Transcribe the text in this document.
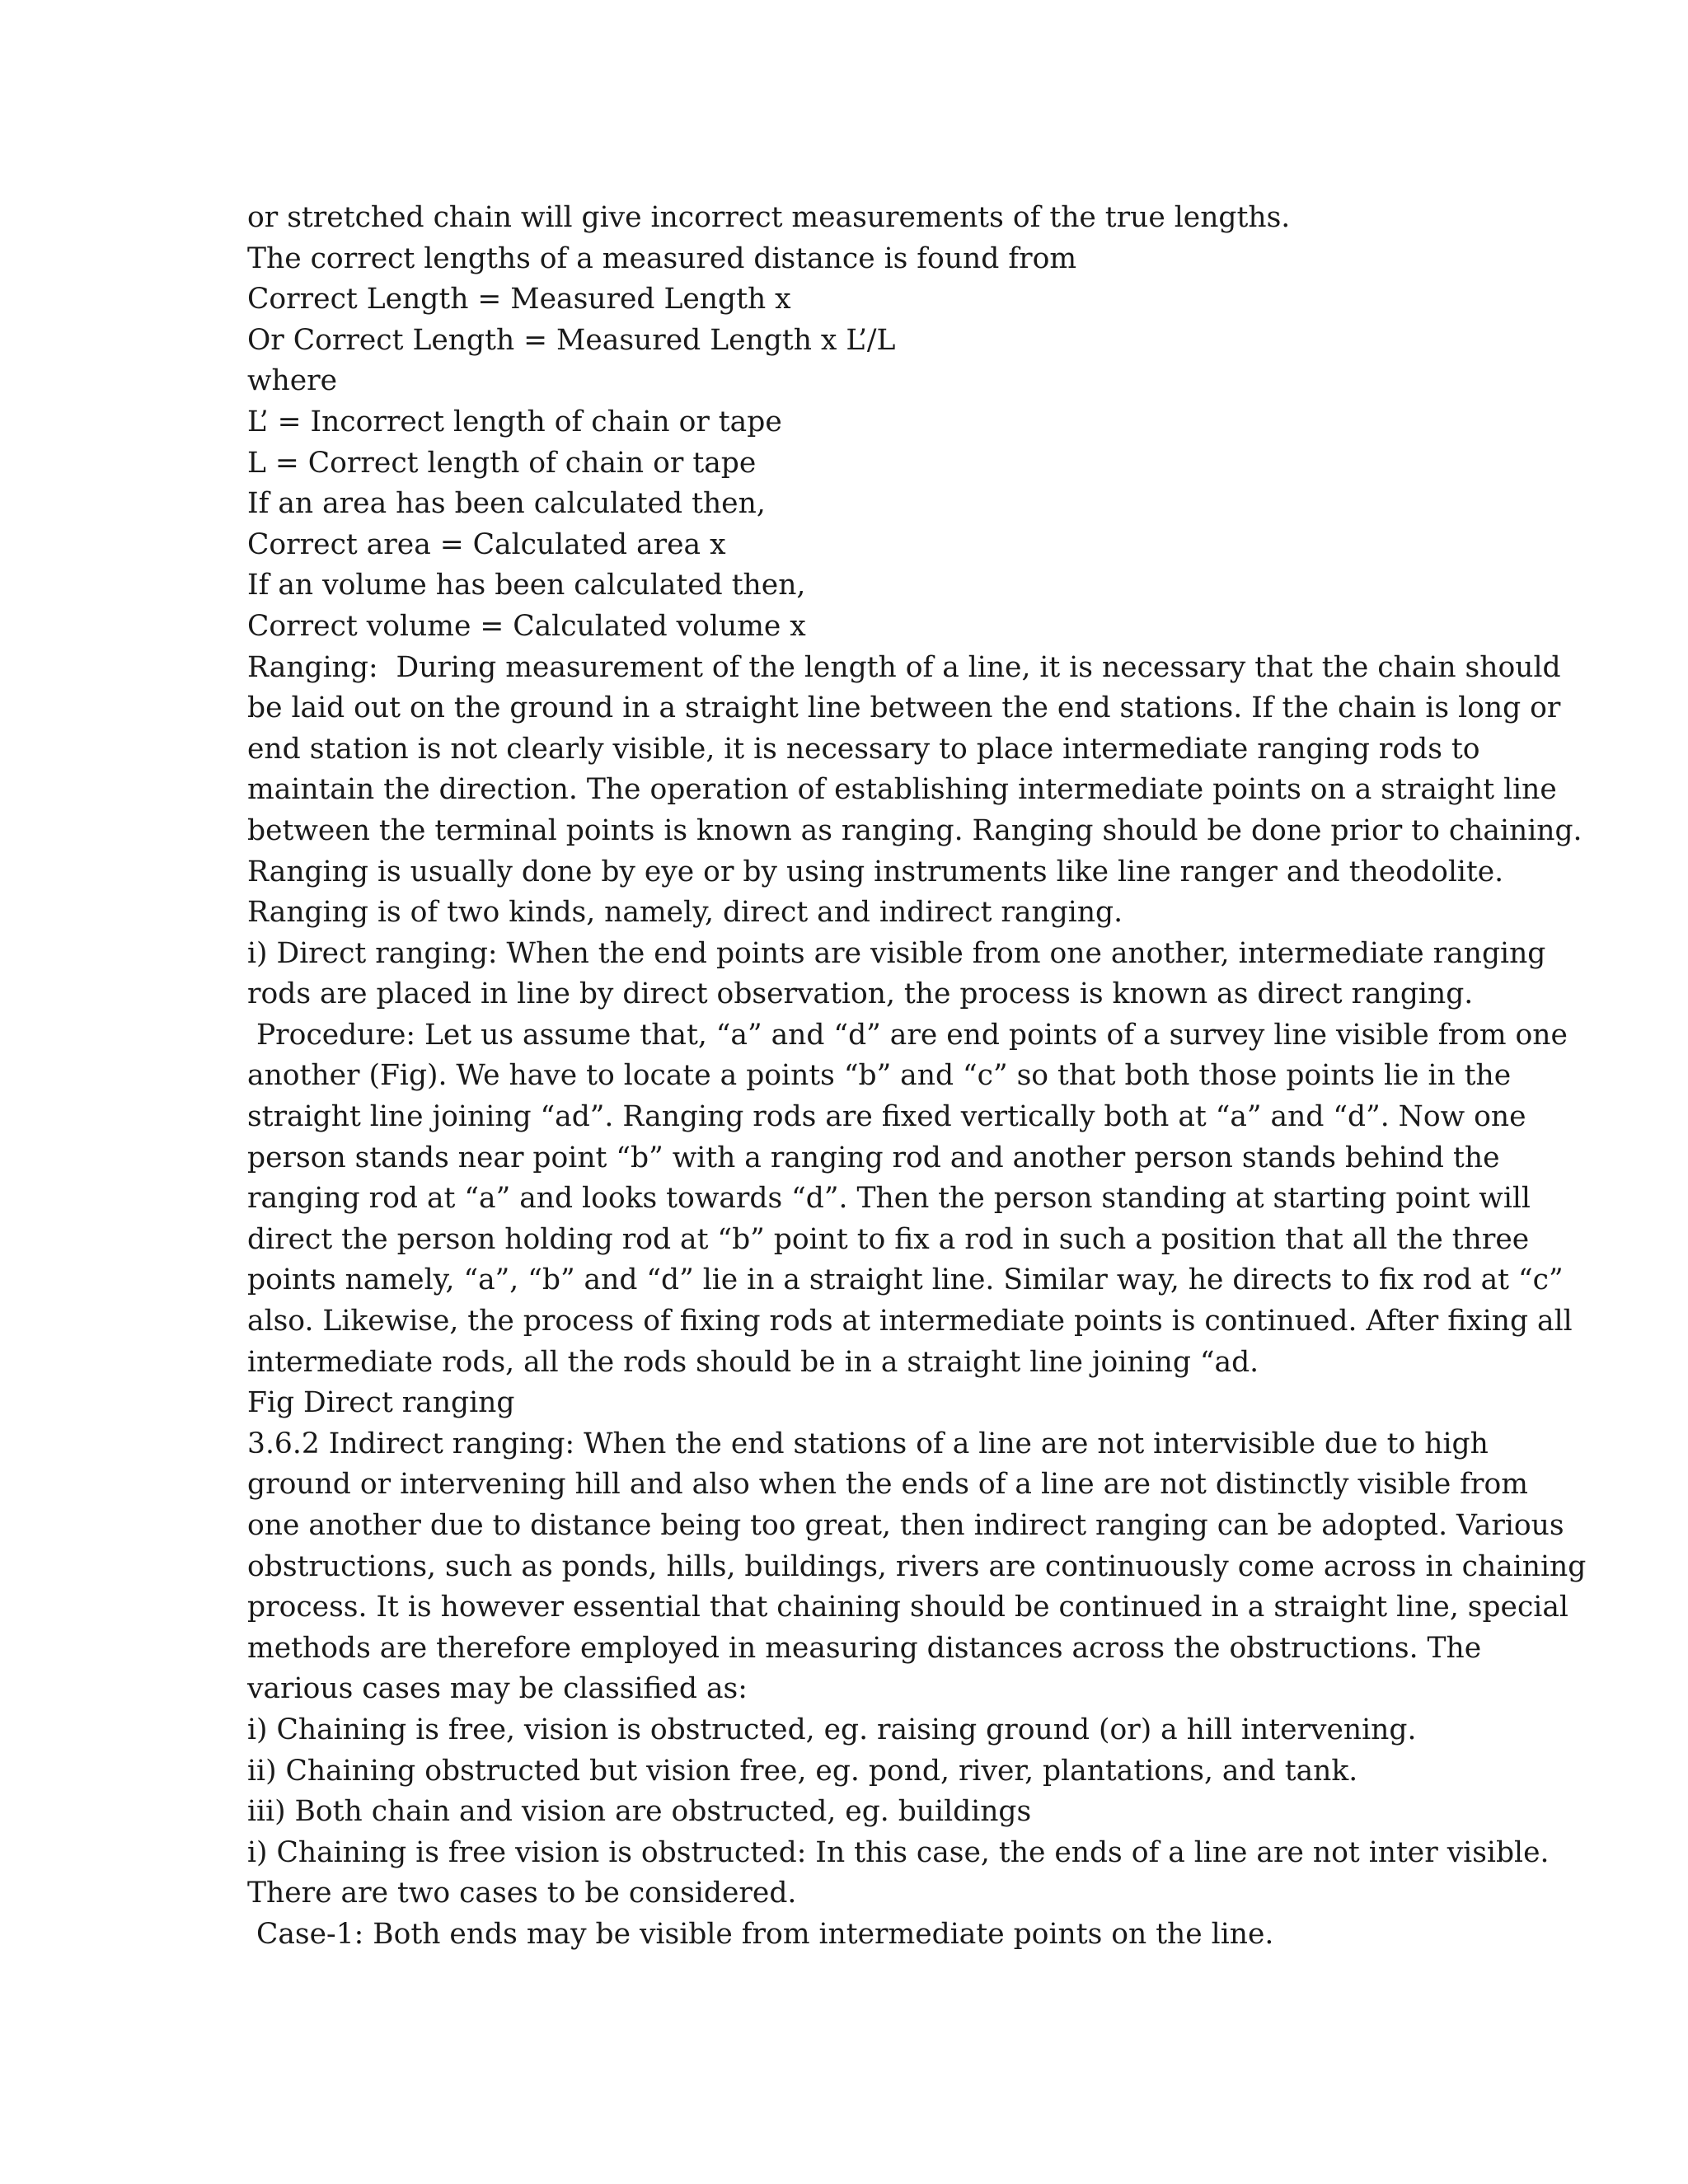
or stretched chain will give incorrect measurements of the true lengths.
The correct lengths of a measured distance is found from
Correct Length = Measured Length x
Or Correct Length = Measured Length x L’/L
where
L’ = Incorrect length of chain or tape
L = Correct length of chain or tape
If an area has been calculated then,
Correct area = Calculated area x
If an volume has been calculated then,
Correct volume = Calculated volume x
Ranging:  During measurement of the length of a line, it is necessary that the chain should
be laid out on the ground in a straight line between the end stations. If the chain is long or
end station is not clearly visible, it is necessary to place intermediate ranging rods to
maintain the direction. The operation of establishing intermediate points on a straight line
between the terminal points is known as ranging. Ranging should be done prior to chaining.
Ranging is usually done by eye or by using instruments like line ranger and theodolite.
Ranging is of two kinds, namely, direct and indirect ranging.
i) Direct ranging: When the end points are visible from one another, intermediate ranging
rods are placed in line by direct observation, the process is known as direct ranging.
Procedure: Let us assume that, “a” and “d” are end points of a survey line visible from one
another (Fig). We have to locate a points “b” and “c” so that both those points lie in the
straight line joining “ad”. Ranging rods are fixed vertically both at “a” and “d”. Now one
person stands near point “b” with a ranging rod and another person stands behind the
ranging rod at “a” and looks towards “d”. Then the person standing at starting point will
direct the person holding rod at “b” point to fix a rod in such a position that all the three
points namely, “a”, “b” and “d” lie in a straight line. Similar way, he directs to fix rod at “c”
also. Likewise, the process of fixing rods at intermediate points is continued. After fixing all
intermediate rods, all the rods should be in a straight line joining “ad.
Fig Direct ranging
3.6.2 Indirect ranging: When the end stations of a line are not intervisible due to high
ground or intervening hill and also when the ends of a line are not distinctly visible from
one another due to distance being too great, then indirect ranging can be adopted. Various
obstructions, such as ponds, hills, buildings, rivers are continuously come across in chaining
process. It is however essential that chaining should be continued in a straight line, special
methods are therefore employed in measuring distances across the obstructions. The
various cases may be classified as:
i) Chaining is free, vision is obstructed, eg. raising ground (or) a hill intervening.
ii) Chaining obstructed but vision free, eg. pond, river, plantations, and tank.
iii) Both chain and vision are obstructed, eg. buildings
i) Chaining is free vision is obstructed: In this case, the ends of a line are not inter visible.
There are two cases to be considered.
Case-1: Both ends may be visible from intermediate points on the line.
